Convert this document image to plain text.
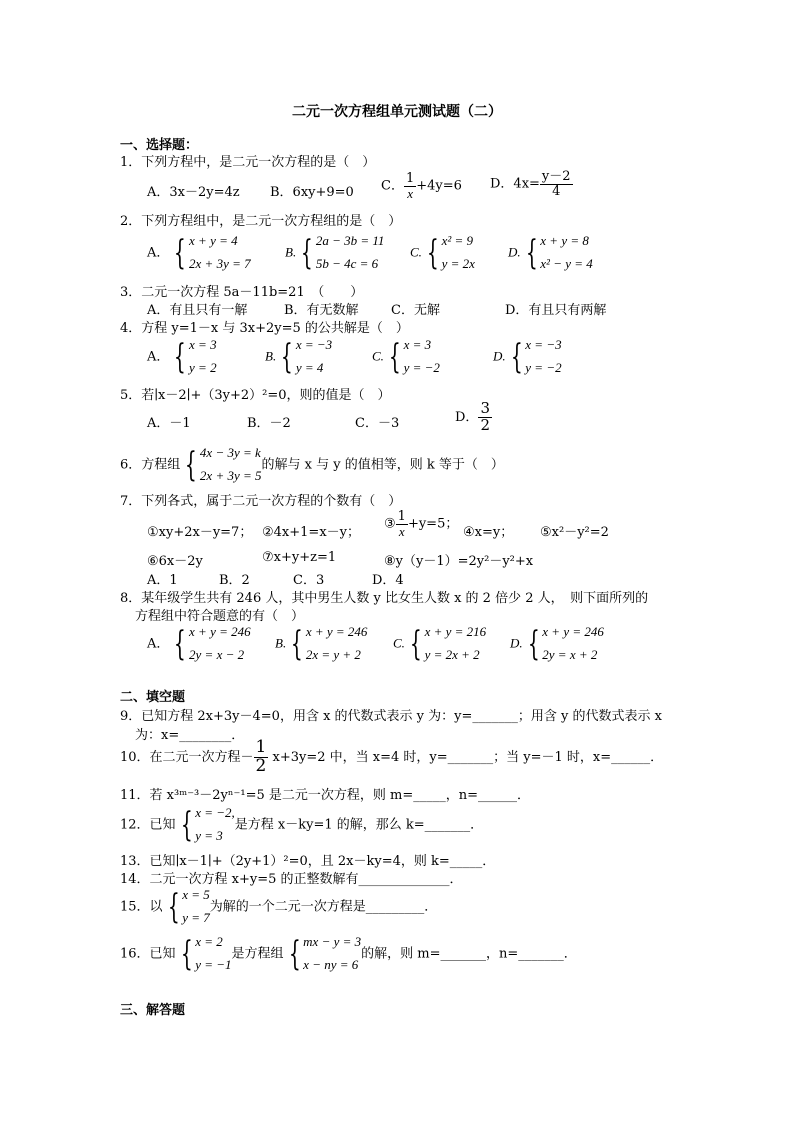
二元一次方程组单元测试题（二）
一、选择题：
1．下列方程中，是二元一次方程的是（　）
A．3x－2y=4z B．6xy+9=0 C． $\frac{1}{x} +4y=6$ D．$4x= \frac{y-2}{4}$
2．下列方程组中，是二元一次方程组的是（　）
A． { x + y = 4
2x + 3y = 7
B. { 2a − 3b = 11
5b − 4c = 6
C. { x² = 9
y = 2x
D. { x + y = 8
x² − y = 4
3．二元一次方程 5a－11b=21　（　　）
A．有且只有一解	B．有无数解 C．无解	D．有且只有两解
4．方程 y=1－x 与 3x+2y=5 的公共解是（　）
A． { x = 3
y = 2
B. { x = −3
y = 4
C. { x = 3
y = −2
D. { x = −3
y = −2
5．若∣x－2∣+（3y+2）²=0，则的值是（　）
A．－1	B．－2	C．－3	D． $\frac{3}{2}$
6．方程组 { 4x − 3y = k
2x + 3y = 5
的解与 x 与 y 的值相等，则 k 等于（　）
7．下列各式，属于二元一次方程的个数有（　）
①xy+2x－y=7； ②4x+1=x－y；
③ $\frac{1}{x} +y=5$；
④x=y； ⑤x²－y²=2
⑥6x－2y	⑦x+y+z=1	⑧y（y－1）=2y²－y²+x
A．1	B．2	C．3	D．4
8．某年级学生共有 246 人，其中男生人数 y 比女生人数 x 的 2 倍少 2 人，　则下面所列的
方程组中符合题意的有（　）
A． { x + y = 246
2y = x − 2
B. { x + y = 246
2x = y + 2
C. { x + y = 216
y = 2x + 2
D. { x + y = 246
2y = x + 2
二、填空题
9．已知方程 2x+3y－4=0，用含 x 的代数式表示 y 为：y=_______；用含 y 的代数式表示 x
为：x=________．
10．在二元一次方程－ $\frac{1}{2} x+3y=2$ 中，当 x=4 时，y=_______；当 y=－1 时，x=______．
11．若 x³ᵐ⁻³－2yⁿ⁻¹=5 是二元一次方程，则 m=_____，n=______．
12．已知 { x = −2,
y = 3
是方程 x－ky=1 的解，那么 k=_______．
13．已知∣x－1∣+（2y+1）²=0，且 2x－ky=4，则 k=_____．
14．二元一次方程 x+y=5 的正整数解有______________．
15．以 { x = 5
y = 7
为解的一个二元一次方程是_________．
16．已知 { x = 2
y = −1
是方程组 { mx − y = 3
x − ny = 6
的解，则 m=_______，n=_______．
三、解答题
